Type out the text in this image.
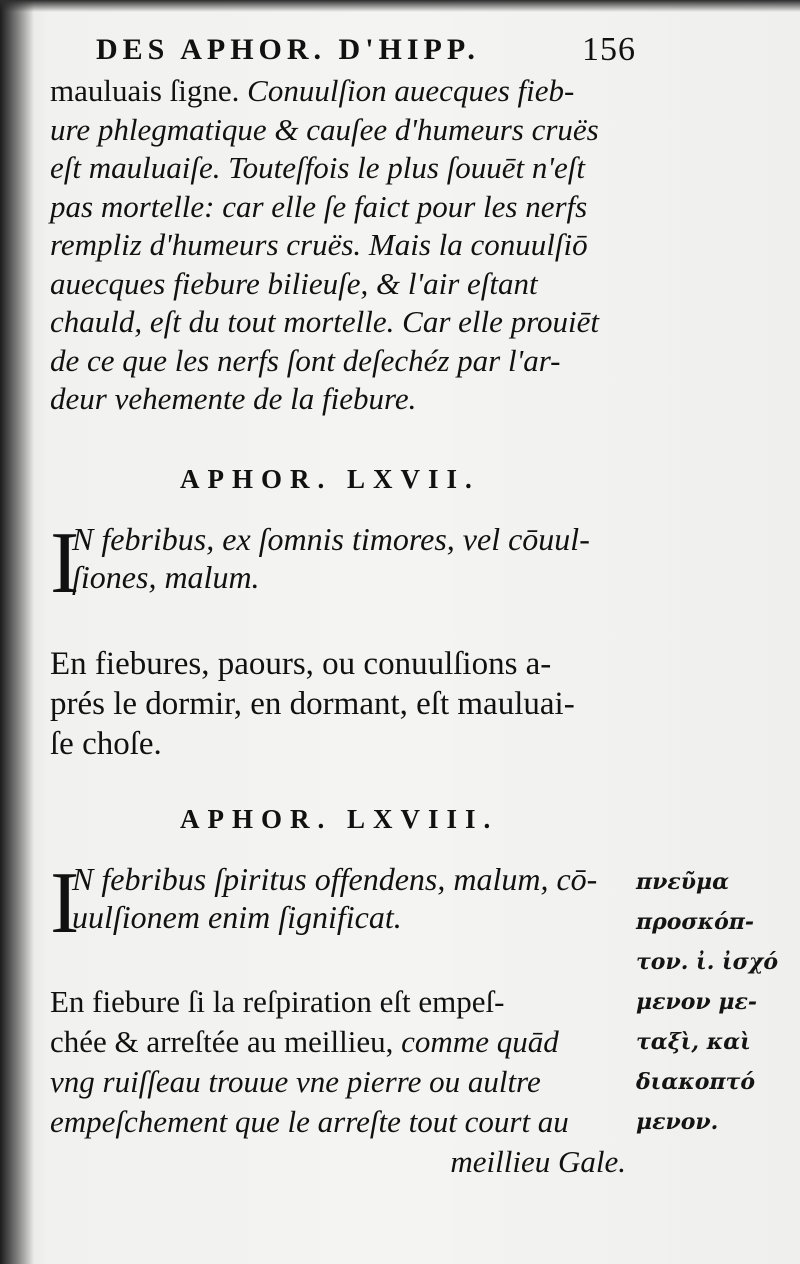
DES APHOR. D'HIPP.	156
mauluais ſigne. Conuulſion auecques fieb-
ure phlegmatique & cauſee d'humeurs cruës
eſt mauluaiſe. Touteſfois le plus ſouuēt n'eſt
pas mortelle: car elle ſe faict pour les nerfs
rempliz d'humeurs cruës. Mais la conuulſiō
auecques fiebure bilieuſe, & l'air eſtant
chauld, eſt du tout mortelle. Car elle prouiēt
de ce que les nerfs ſont deſechéz par l'ar-
deur vehemente de la fiebure.
APHOR. LXVII.
I
N febribus, ex ſomnis timores, vel cōuul-
ſiones, malum.
En fiebures, paours, ou conuulſions a-
prés le dormir, en dormant, eſt mauluai-
ſe choſe.
APHOR. LXVIII.
I
N febribus ſpiritus offendens, malum, cō-
uulſionem enim ſignificat.
En fiebure ſi la reſpiration eſt empeſ-
chée & arreſtée au meillieu, comme quād
vng ruiſſeau trouue vne pierre ou aultre
empeſchement que le arreſte tout court au
meillieu Gale.
πνεῦμα
προσκόπ-
τον. ἰ. ἰσχό
μενον με-
ταξὶ, καὶ
διακοπτό
μενον.
